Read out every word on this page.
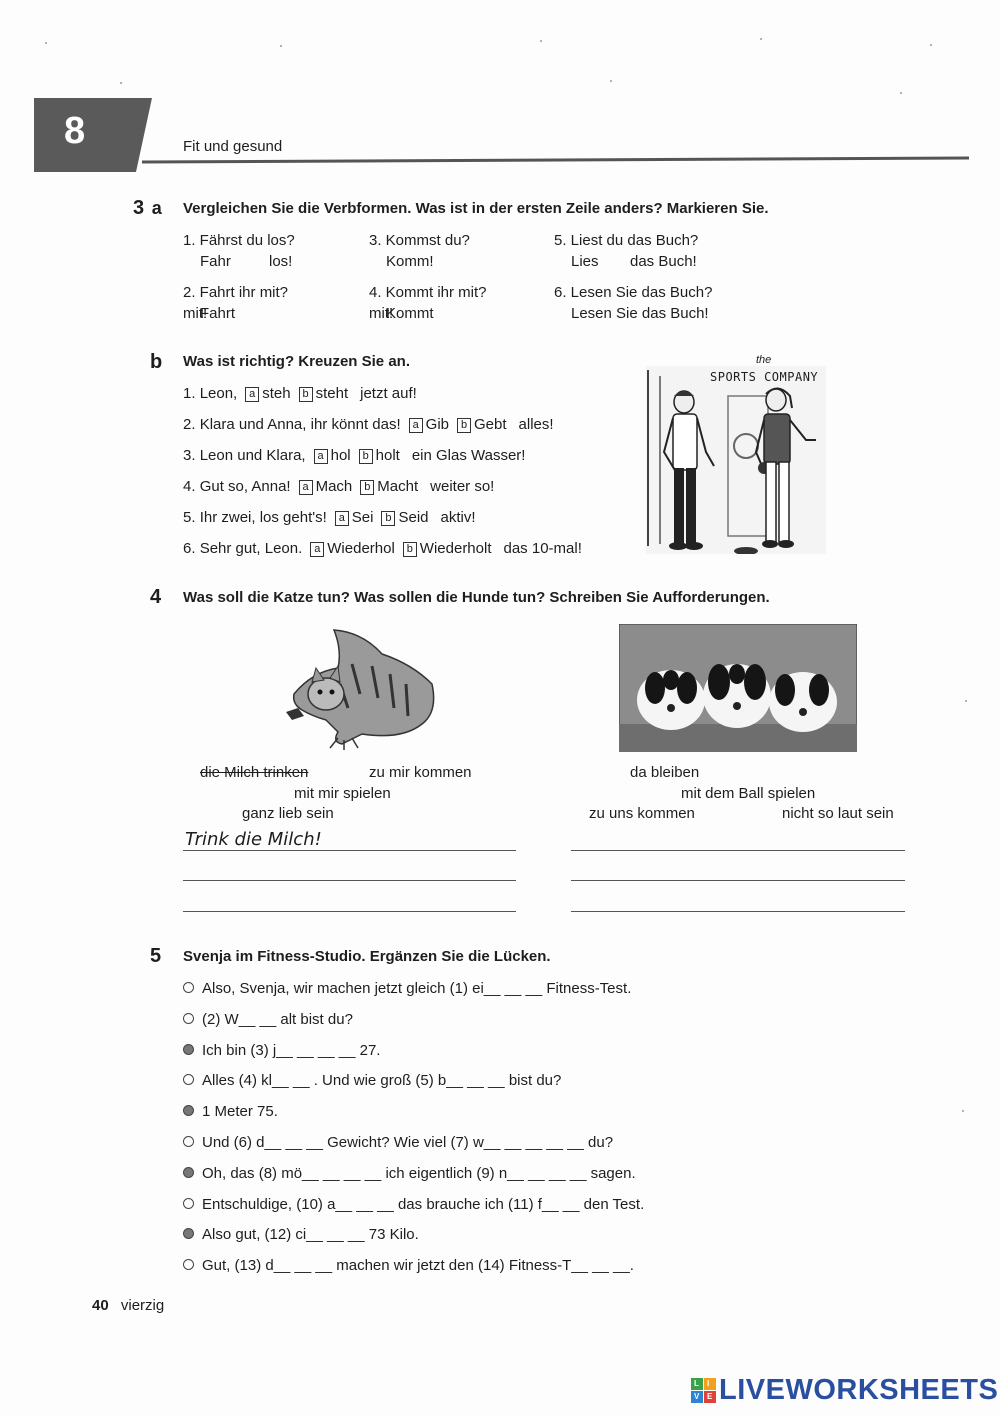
8	Fit und gesund
3 a Vergleichen Sie die Verbformen. Was ist in der ersten Zeile anders? Markieren Sie.
1. Fährst du los?
Fahr	los!
2. Fahrt ihr mit?
Fahrt
mit!
3. Kommst du?
Komm!
4. Kommt ihr mit?
Kommt
mit!
5. Liest du das Buch?
Lies das Buch!
6. Lesen Sie das Buch?
Lesen Sie das Buch!
b Was ist richtig? Kreuzen Sie an.
1. Leon, a steh b steht jetzt auf!
2. Klara und Anna, ihr könnt das! a Gib b Gebt alles!
3. Leon und Klara, a hol b holt ein Glas Wasser!
4. Gut so, Anna! a Mach b Macht weiter so!
5. Ihr zwei, los geht's! a Sei b Seid aktiv!
6. Sehr gut, Leon. a Wiederhol b Wiederholt das 10-mal!
SPORTS COMPANY
the
4 Was soll die Katze tun? Was sollen die Hunde tun? Schreiben Sie Aufforderungen.
die Milch trinken	zu mir kommen
mit mir spielen
ganz lieb sein
da bleiben
mit dem Ball spielen
zu uns kommen	nicht so laut sein
Trink die Milch!
5 Svenja im Fitness-Studio. Ergänzen Sie die Lücken.
Also, Svenja, wir machen jetzt gleich (1) ei__ __ __ Fitness-Test.
(2) W__ __ alt bist du?
Ich bin (3) j__ __ __ __ 27.
Alles (4) kl__ __ . Und wie groß (5) b__ __ __ bist du?
1 Meter 75.
Und (6) d__ __ __ Gewicht? Wie viel (7) w__ __ __ __ __ du?
Oh, das (8) mö__ __ __ __ ich eigentlich (9) n__ __ __ __ sagen.
Entschuldige, (10) a__ __ __ das brauche ich (11) f__ __ den Test.
Also gut, (12) ci__ __ __ 73 Kilo.
Gut, (13) d__ __ __ machen wir jetzt den (14) Fitness-T__ __ __.
40 vierzig
L I
V E LIVEWORKSHEETS
